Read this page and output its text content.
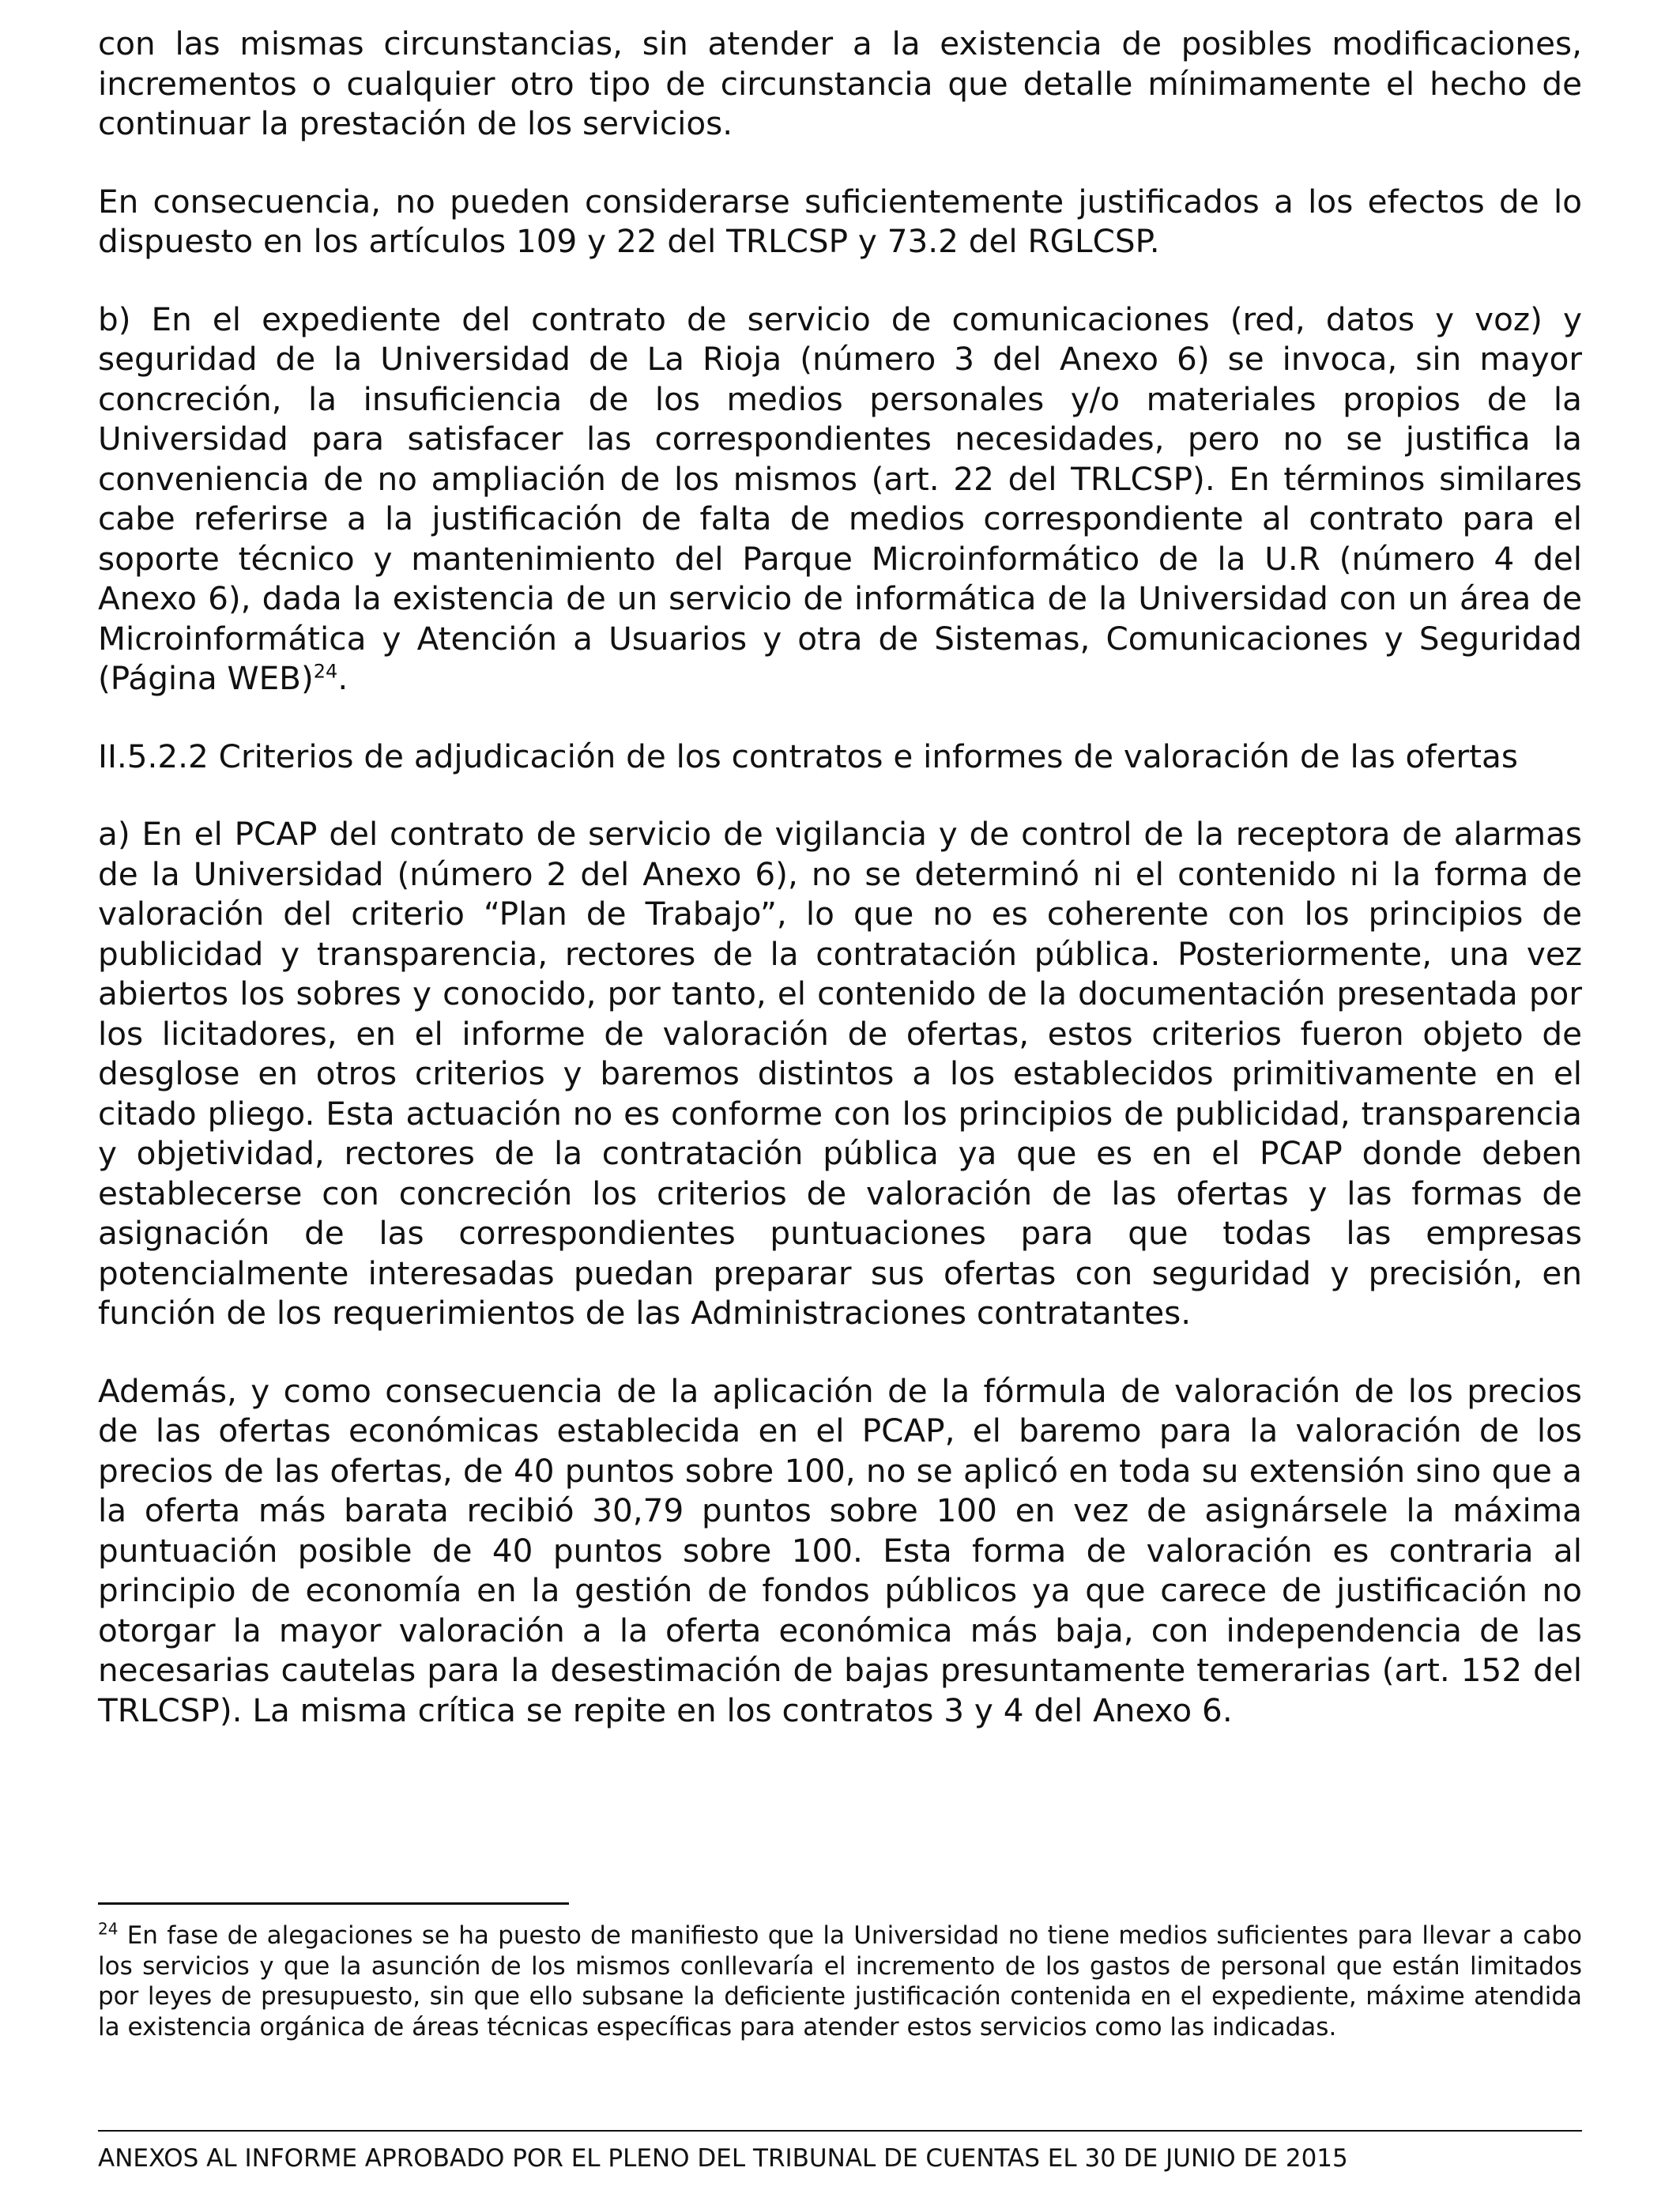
con las mismas circunstancias, sin atender a la existencia de posibles modificaciones, incrementos o cualquier otro tipo de circunstancia que detalle mínimamente el hecho de continuar la prestación de los servicios.

En consecuencia, no pueden considerarse suficientemente justificados a los efectos de lo dispuesto en los artículos 109 y 22 del TRLCSP y 73.2 del RGLCSP.

b) En el expediente del contrato de servicio de comunicaciones (red, datos y voz) y seguridad de la Universidad de La Rioja (número 3 del Anexo 6) se invoca, sin mayor concreción, la insuficiencia de los medios personales y/o materiales propios de la Universidad para satisfacer las correspondientes necesidades, pero no se justifica la conveniencia de no ampliación de los mismos (art. 22 del TRLCSP). En términos similares cabe referirse a la justificación de falta de medios correspondiente al contrato para el soporte técnico y mantenimiento del Parque Microinformático de la U.R (número 4 del Anexo 6), dada la existencia de un servicio de informática de la Universidad con un área de Microinformática y Atención a Usuarios y otra de Sistemas, Comunicaciones y Seguridad (Página WEB)$^{24}$.

II.5.2.2 Criterios de adjudicación de los contratos e informes de valoración de las ofertas

a) En el PCAP del contrato de servicio de vigilancia y de control de la receptora de alarmas de la Universidad (número 2 del Anexo 6), no se determinó ni el contenido ni la forma de valoración del criterio “Plan de Trabajo”, lo que no es coherente con los principios de publicidad y transparencia, rectores de la contratación pública. Posteriormente, una vez abiertos los sobres y conocido, por tanto, el contenido de la documentación presentada por los licitadores, en el informe de valoración de ofertas, estos criterios fueron objeto de desglose en otros criterios y baremos distintos a los establecidos primitivamente en el citado pliego. Esta actuación no es conforme con los principios de publicidad, transparencia y objetividad, rectores de la contratación pública ya que es en el PCAP donde deben establecerse con concreción los criterios de valoración de las ofertas y las formas de asignación de las correspondientes puntuaciones para que todas las empresas potencialmente interesadas puedan preparar sus ofertas con seguridad y precisión, en función de los requerimientos de las Administraciones contratantes.

Además, y como consecuencia de la aplicación de la fórmula de valoración de los precios de las ofertas económicas establecida en el PCAP, el baremo para la valoración de los precios de las ofertas, de 40 puntos sobre 100, no se aplicó en toda su extensión sino que a la oferta más barata recibió 30,79 puntos sobre 100 en vez de asignársele la máxima puntuación posible de 40 puntos sobre 100. Esta forma de valoración es contraria al principio de economía en la gestión de fondos públicos ya que carece de justificación no otorgar la mayor valoración a la oferta económica más baja, con independencia de las necesarias cautelas para la desestimación de bajas presuntamente temerarias (art. 152 del TRLCSP). La misma crítica se repite en los contratos 3 y 4 del Anexo 6.

$^{24}$ En fase de alegaciones se ha puesto de manifiesto que la Universidad no tiene medios suficientes para llevar a cabo los servicios y que la asunción de los mismos conllevaría el incremento de los gastos de personal que están limitados por leyes de presupuesto, sin que ello subsane la deficiente justificación contenida en el expediente, máxime atendida la existencia orgánica de áreas técnicas específicas para atender estos servicios como las indicadas.

ANEXOS AL INFORME APROBADO POR EL PLENO DEL TRIBUNAL DE CUENTAS EL 30 DE JUNIO DE 2015
